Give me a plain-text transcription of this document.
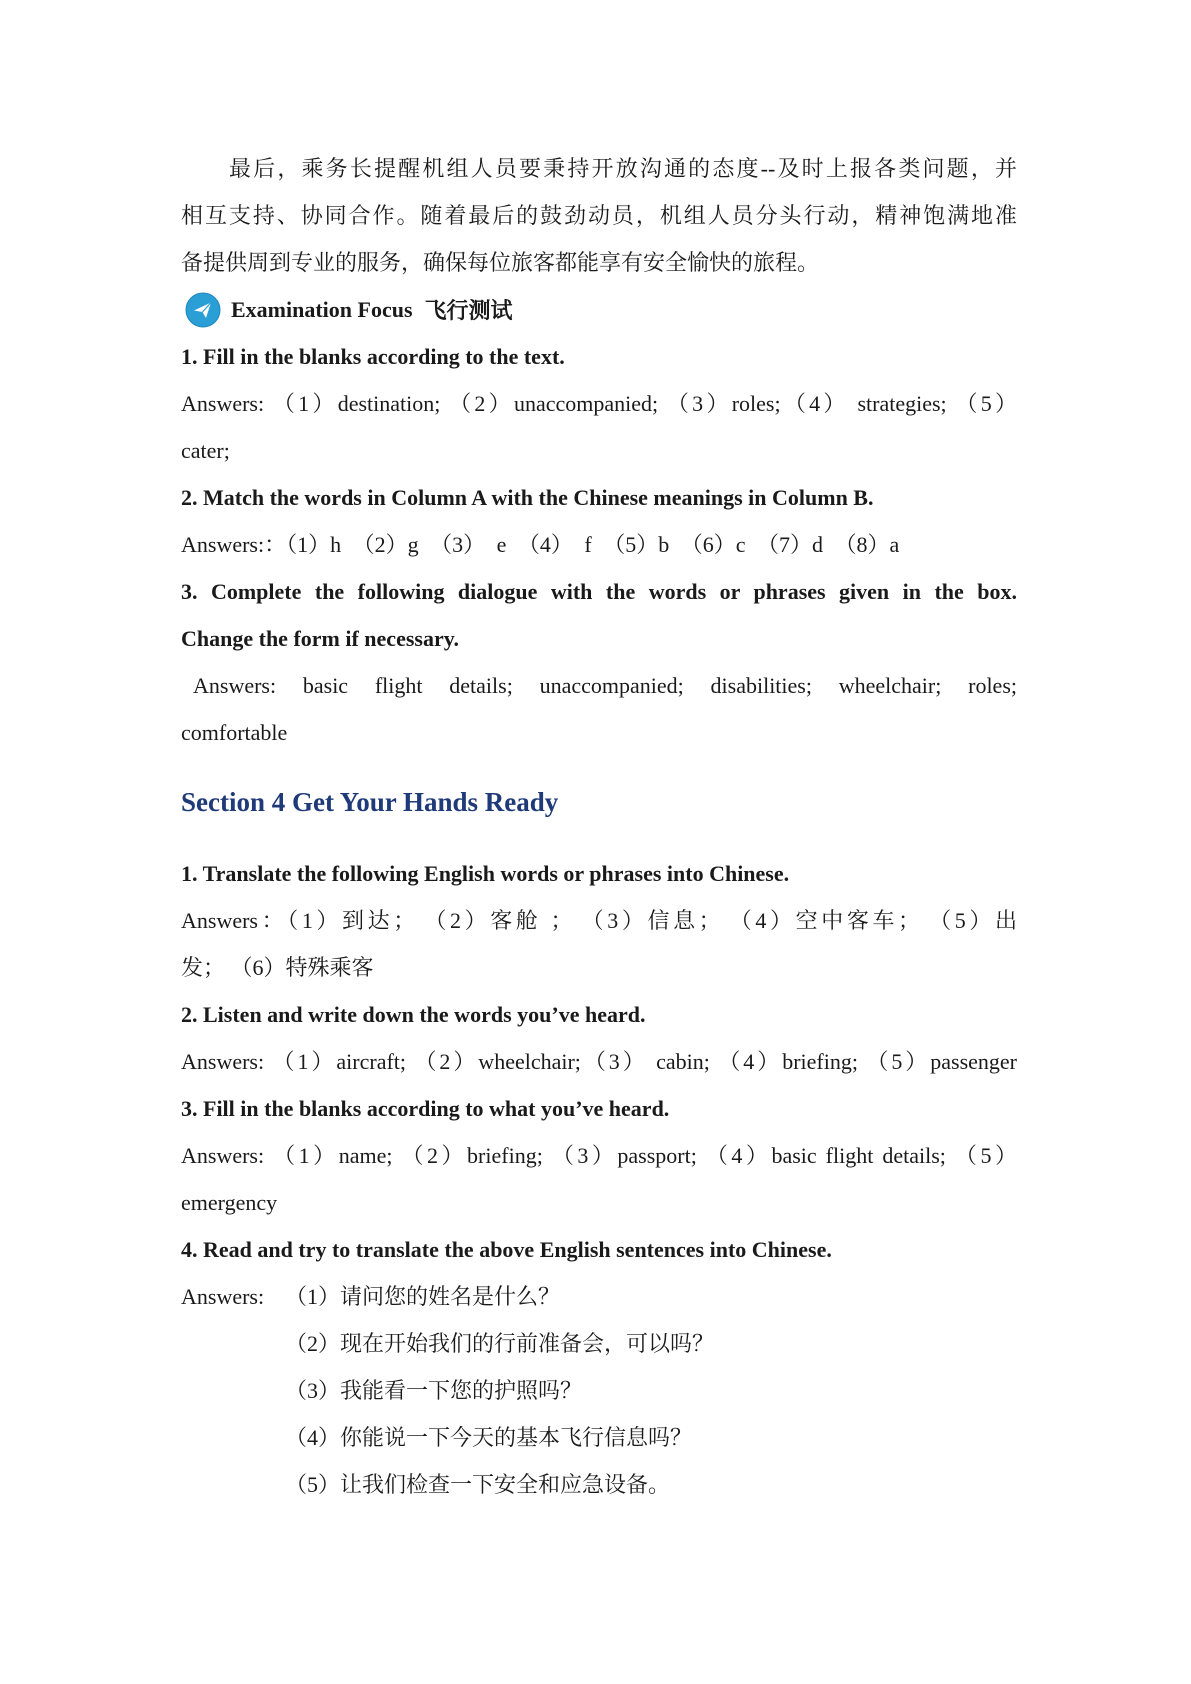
最后，乘务长提醒机组人员要秉持开放沟通的态度--及时上报各类问题，并
相互支持、协同合作。随着最后的鼓劲动员，机组人员分头行动，精神饱满地准
备提供周到专业的服务，确保每位旅客都能享有安全愉快的旅程。
Examination Focus 飞行测试
1. Fill in the blanks according to the text.
Answers: （1）destination; （2）unaccompanied; （3）roles;（4） strategies; （5）
cater;
2. Match the words in Column A with the Chinese meanings in Column B.
Answers:：（1）h （2）g （3） e （4） f （5）b （6）c （7）d （8）a
3. Complete the following dialogue with the words or phrases given in the box.
Change the form if necessary.
Answers: basic flight details; unaccompanied; disabilities; wheelchair; roles;
comfortable
Section 4 Get Your Hands Ready
1. Translate the following English words or phrases into Chinese.
Answers：（1）到达； （2）客舱 ； （3）信息； （4）空中客车； （5）出
发； （6）特殊乘客
2. Listen and write down the words you’ve heard.
Answers: （1）aircraft; （2）wheelchair;（3） cabin; （4）briefing; （5）passenger
3. Fill in the blanks according to what you’ve heard.
Answers: （1）name; （2）briefing; （3）passport; （4）basic flight details; （5）
emergency
4. Read and try to translate the above English sentences into Chinese.
Answers: （1）请问您的姓名是什么？
（2）现在开始我们的行前准备会，可以吗？
（3）我能看一下您的护照吗？
（4）你能说一下今天的基本飞行信息吗？
（5）让我们检查一下安全和应急设备。
